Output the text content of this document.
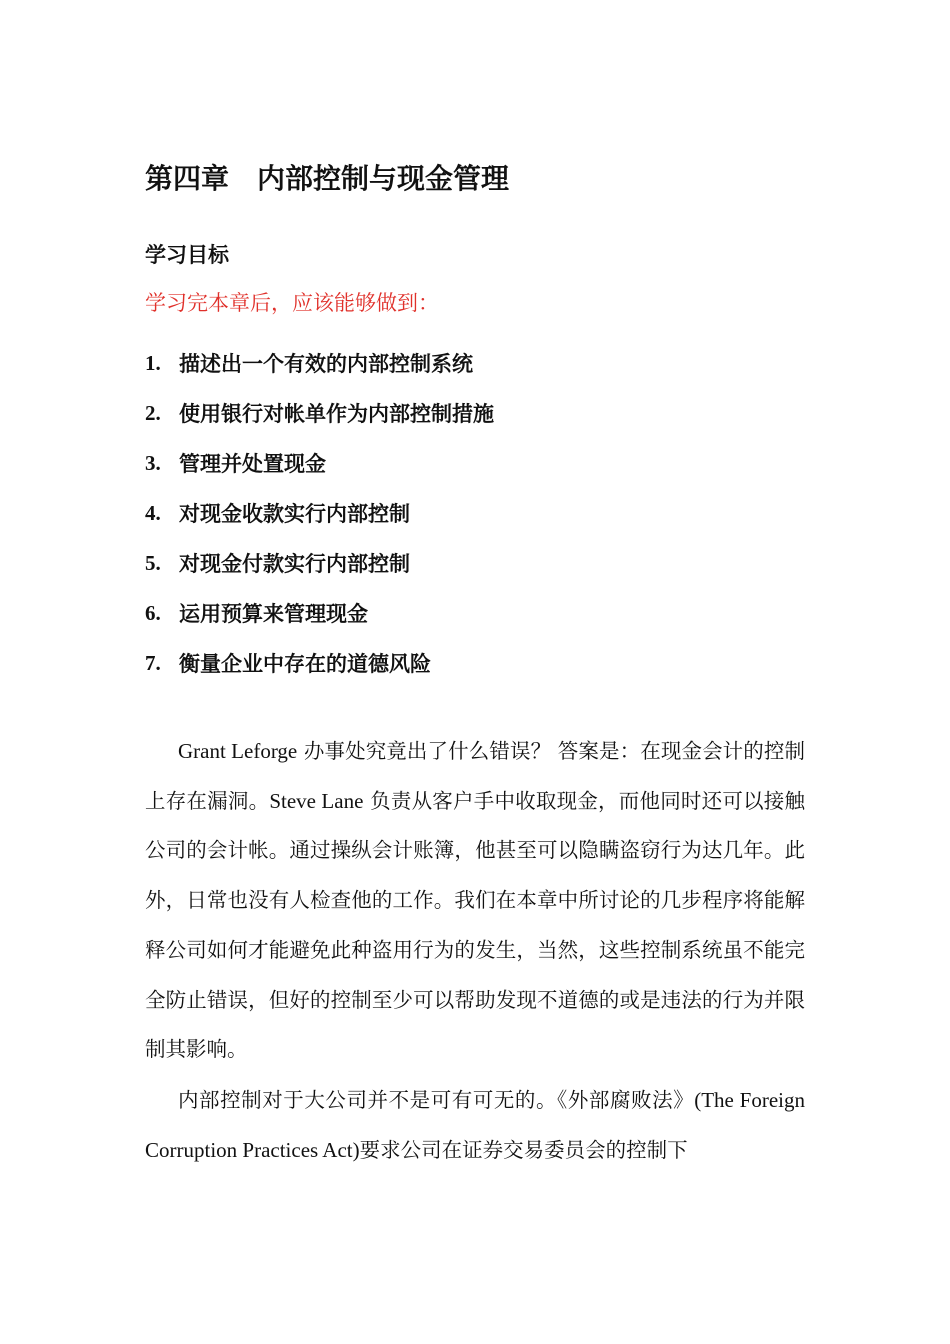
第四章　内部控制与现金管理
学习目标

学习完本章后，应该能够做到：

1. 描述出一个有效的内部控制系统
2. 使用银行对帐单作为内部控制措施
3. 管理并处置现金
4. 对现金收款实行内部控制
5. 对现金付款实行内部控制
6. 运用预算来管理现金
7. 衡量企业中存在的道德风险

Grant Leforge 办事处究竟出了什么错误？ 答案是：在现金会计的控制上存在漏洞。Steve Lane 负责从客户手中收取现金，而他同时还可以接触公司的会计帐。通过操纵会计账簿，他甚至可以隐瞒盗窃行为达几年。此外，日常也没有人检查他的工作。我们在本章中所讨论的几步程序将能解释公司如何才能避免此种盗用行为的发生，当然，这些控制系统虽不能完全防止错误，但好的控制至少可以帮助发现不道德的或是违法的行为并限制其影响。

内部控制对于大公司并不是可有可无的。《外部腐败法》(The Foreign Corruption Practices Act)要求公司在证券交易委员会的控制下
